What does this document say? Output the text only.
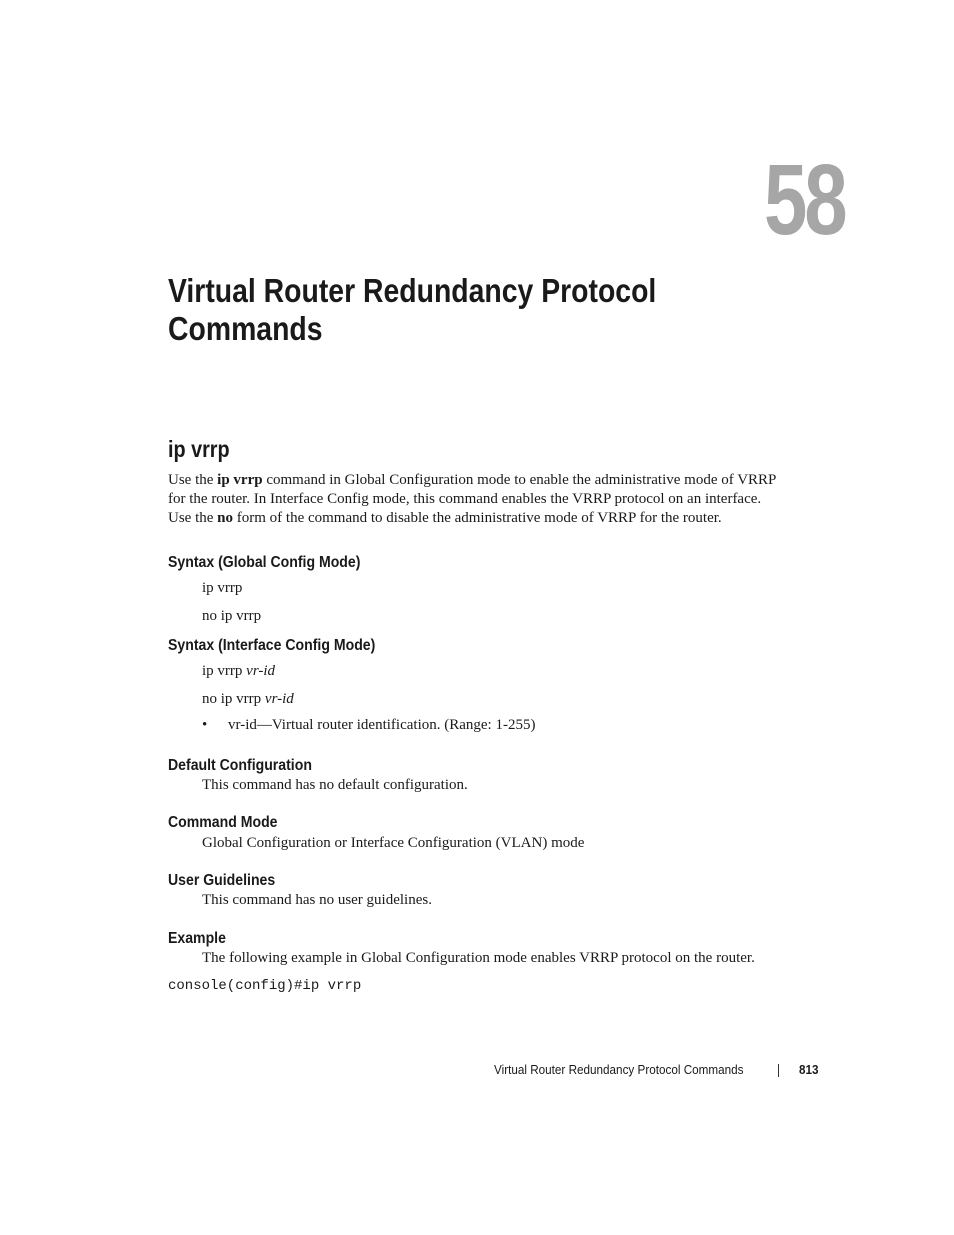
58
Virtual Router Redundancy Protocol
Commands
ip vrrp
Use the ip vrrp command in Global Configuration mode to enable the administrative mode of VRRP for the router. In Interface Config mode, this command enables the VRRP protocol on an interface. Use the no form of the command to disable the administrative mode of VRRP for the router.
Syntax (Global Config Mode)
ip vrrp
no ip vrrp
Syntax (Interface Config Mode)
ip vrrp vr-id
no ip vrrp vr-id
• vr-id—Virtual router identification. (Range: 1-255)
Default Configuration
This command has no default configuration.
Command Mode
Global Configuration or Interface Configuration (VLAN) mode
User Guidelines
This command has no user guidelines.
Example
The following example in Global Configuration mode enables VRRP protocol on the router.
console(config)#ip vrrp
Virtual Router Redundancy Protocol Commands	813
